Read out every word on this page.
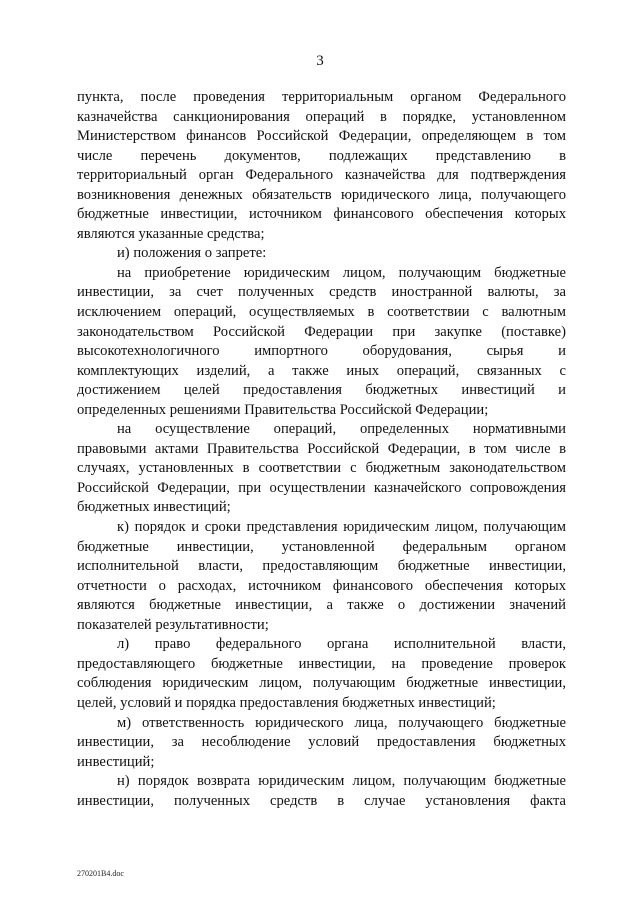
3
пункта, после проведения территориальным органом Федерального
казначейства санкционирования операций в порядке, установленном
Министерством финансов Российской Федерации, определяющем в том
числе перечень документов, подлежащих представлению в
территориальный орган Федерального казначейства для подтверждения
возникновения денежных обязательств юридического лица, получающего
бюджетные инвестиции, источником финансового обеспечения которых
являются указанные средства;
и) положения о запрете:
на приобретение юридическим лицом, получающим бюджетные
инвестиции, за счет полученных средств иностранной валюты, за
исключением операций, осуществляемых в соответствии с валютным
законодательством Российской Федерации при закупке (поставке)
высокотехнологичного импортного оборудования, сырья и
комплектующих изделий, а также иных операций, связанных с
достижением целей предоставления бюджетных инвестиций и
определенных решениями Правительства Российской Федерации;
на осуществление операций, определенных нормативными
правовыми актами Правительства Российской Федерации, в том числе в
случаях, установленных в соответствии с бюджетным законодательством
Российской Федерации, при осуществлении казначейского сопровождения
бюджетных инвестиций;
к) порядок и сроки представления юридическим лицом, получающим
бюджетные инвестиции, установленной федеральным органом
исполнительной власти, предоставляющим бюджетные инвестиции,
отчетности о расходах, источником финансового обеспечения которых
являются бюджетные инвестиции, а также о достижении значений
показателей результативности;
л) право федерального органа исполнительной власти,
предоставляющего бюджетные инвестиции, на проведение проверок
соблюдения юридическим лицом, получающим бюджетные инвестиции,
целей, условий и порядка предоставления бюджетных инвестиций;
м) ответственность юридического лица, получающего бюджетные
инвестиции, за несоблюдение условий предоставления бюджетных
инвестиций;
н) порядок возврата юридическим лицом, получающим бюджетные
инвестиции, полученных средств в случае установления факта
270201B4.doc
